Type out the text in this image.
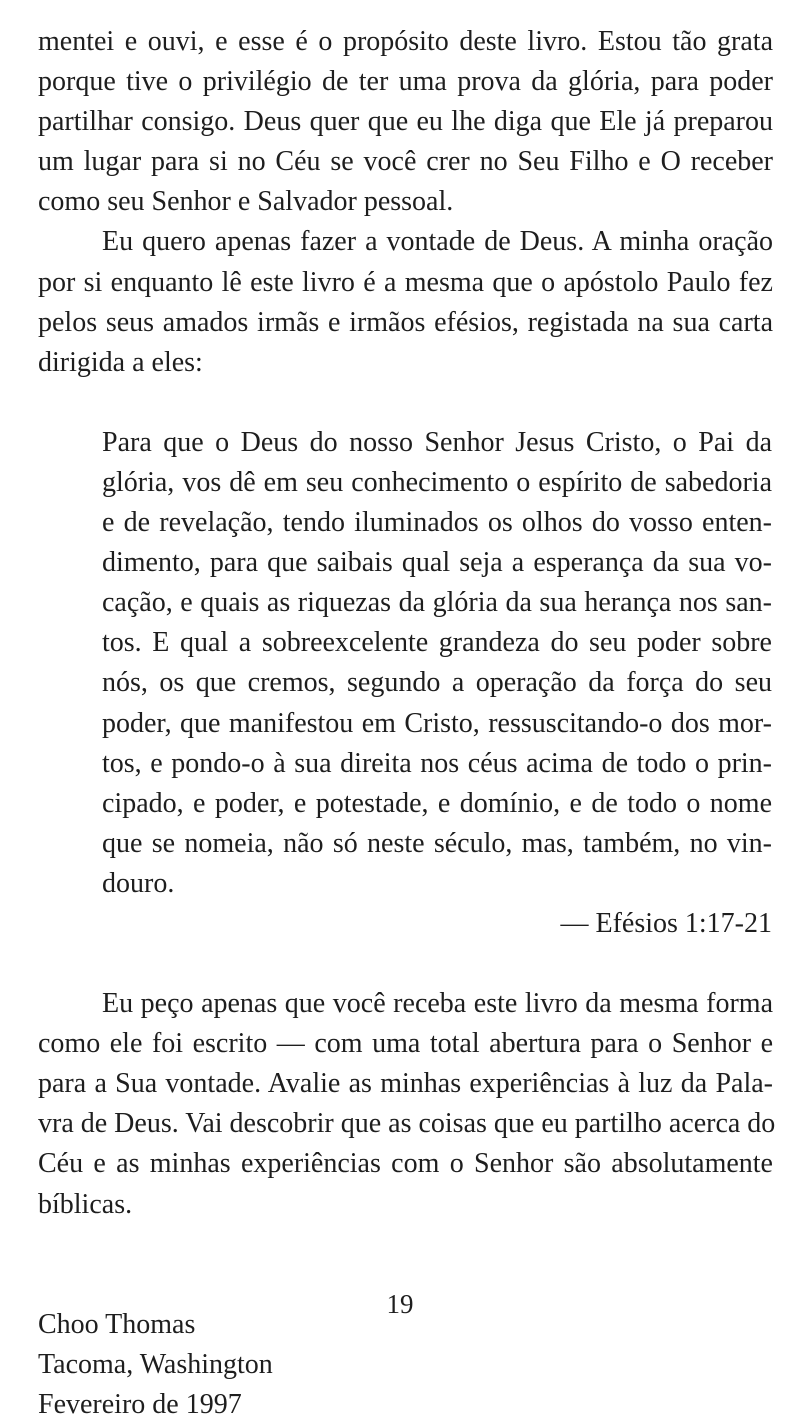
mentei e ouvi, e esse é o propósito deste livro. Estou tão grata
porque tive o privilégio de ter uma prova da glória, para poder
partilhar consigo. Deus quer que eu lhe diga que Ele já preparou
um lugar para si no Céu se você crer no Seu Filho e O receber
como seu Senhor e Salvador pessoal.
Eu quero apenas fazer a vontade de Deus. A minha oração
por si enquanto lê este livro é a mesma que o apóstolo Paulo fez
pelos seus amados irmãs e irmãos efésios, registada na sua carta
dirigida a eles:
Para que o Deus do nosso Senhor Jesus Cristo, o Pai da
glória, vos dê em seu conhecimento o espírito de sabedoria
e de revelação, tendo iluminados os olhos do vosso enten-
dimento, para que saibais qual seja a esperança da sua vo-
cação, e quais as riquezas da glória da sua herança nos san-
tos. E qual a sobreexcelente grandeza do seu poder sobre
nós, os que cremos, segundo a operação da força do seu
poder, que manifestou em Cristo, ressuscitando-o dos mor-
tos, e pondo-o à sua direita nos céus acima de todo o prin-
cipado, e poder, e potestade, e domínio, e de todo o nome
que se nomeia, não só neste século, mas, também, no vin-
douro.
— Efésios 1:17-21
Eu peço apenas que você receba este livro da mesma forma
como ele foi escrito — com uma total abertura para o Senhor e
para a Sua vontade. Avalie as minhas experiências à luz da Pala-
vra de Deus. Vai descobrir que as coisas que eu partilho acerca do
Céu e as minhas experiências com o Senhor são absolutamente
bíblicas.
Choo Thomas
Tacoma, Washington
Fevereiro de 1997
19
